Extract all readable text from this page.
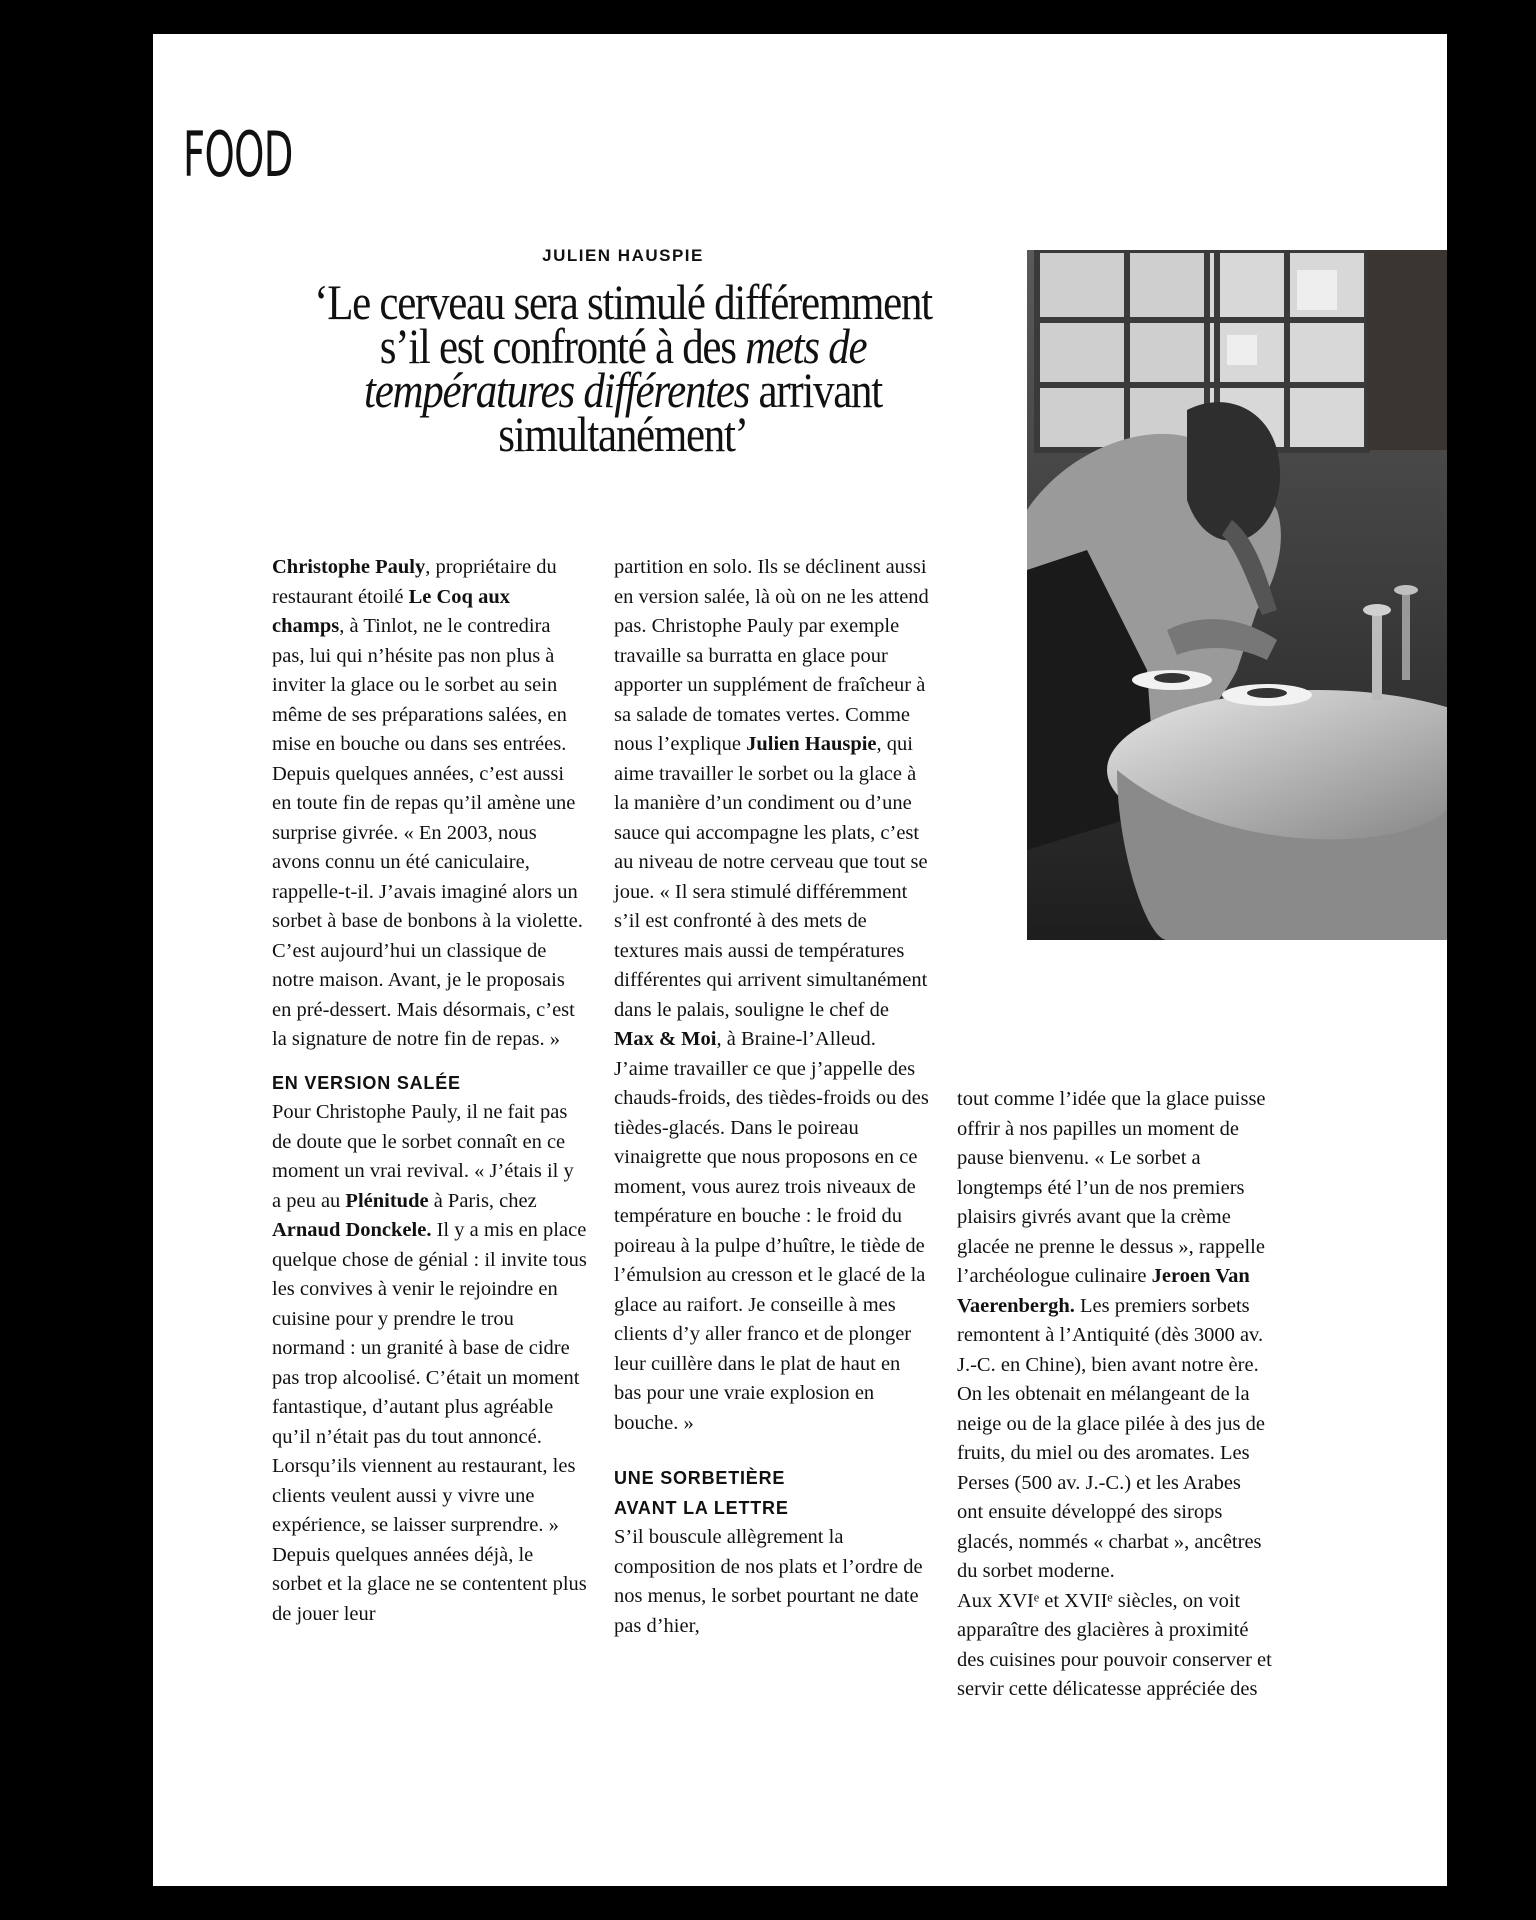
FOOD
JULIEN HAUSPIE
‘Le cerveau sera stimulé différemment s’il est confronté à des mets de températures différentes arrivant simultanément’

Christophe Pauly, propriétaire du restaurant étoilé Le Coq aux champs, à Tinlot, ne le contredira pas, lui qui n’hésite pas non plus à inviter la glace ou le sorbet au sein même de ses préparations salées, en mise en bouche ou dans ses entrées. Depuis quelques années, c’est aussi en toute fin de repas qu’il amène une surprise givrée. « En 2003, nous avons connu un été caniculaire, rappelle-t-il. J’avais imaginé alors un sorbet à base de bonbons à la violette. C’est aujourd’hui un classique de notre maison. Avant, je le proposais en pré-dessert. Mais désormais, c’est la signature de notre fin de repas. »

EN VERSION SALÉE

Pour Christophe Pauly, il ne fait pas de doute que le sorbet connaît en ce moment un vrai revival. « J’étais il y a peu au Plénitude à Paris, chez Arnaud Donckele. Il y a mis en place quelque chose de génial : il invite tous les convives à venir le rejoindre en cuisine pour y prendre le trou normand : un granité à base de cidre pas trop alcoolisé. C’était un moment fantastique, d’autant plus agréable qu’il n’était pas du tout annoncé. Lorsqu’ils viennent au restaurant, les clients veulent aussi y vivre une expérience, se laisser surprendre. »

Depuis quelques années déjà, le sorbet et la glace ne se contentent plus de jouer leur

partition en solo. Ils se déclinent aussi en version salée, là où on ne les attend pas. Christophe Pauly par exemple travaille sa burratta en glace pour apporter un supplément de fraîcheur à sa salade de tomates vertes. Comme nous l’explique Julien Hauspie, qui aime travailler le sorbet ou la glace à la manière d’un condiment ou d’une sauce qui accompagne les plats, c’est au niveau de notre cerveau que tout se joue. « Il sera stimulé différemment s’il est confronté à des mets de textures mais aussi de températures différentes qui arrivent simultanément dans le palais, souligne le chef de Max & Moi, à Braine-l’Alleud. J’aime travailler ce que j’appelle des chauds-froids, des tièdes-froids ou des tièdes-glacés. Dans le poireau vinaigrette que nous proposons en ce moment, vous aurez trois niveaux de température en bouche : le froid du poireau à la pulpe d’huître, le tiède de l’émulsion au cresson et le glacé de la glace au raifort. Je conseille à mes clients d’y aller franco et de plonger leur cuillère dans le plat de haut en bas pour une vraie explosion en bouche. »

UNE SORBETIÈRE
AVANT LA LETTRE

S’il bouscule allègrement la composition de nos plats et l’ordre de nos menus, le sorbet pourtant ne date pas d’hier,

tout comme l’idée que la glace puisse offrir à nos papilles un moment de pause bienvenu. « Le sorbet a longtemps été l’un de nos premiers plaisirs givrés avant que la crème glacée ne prenne le dessus », rappelle l’archéologue culinaire Jeroen Van Vaerenbergh. Les premiers sorbets remontent à l’Antiquité (dès 3000 av. J.-C. en Chine), bien avant notre ère. On les obtenait en mélangeant de la neige ou de la glace pilée à des jus de fruits, du miel ou des aromates. Les Perses (500 av. J.-C.) et les Arabes ont ensuite développé des sirops glacés, nommés « charbat », ancêtres du sorbet moderne.

Aux XVIᵉ et XVIIᵉ siècles, on voit apparaître des glacières à proximité des cuisines pour pouvoir conserver et servir cette délicatesse appréciée des
